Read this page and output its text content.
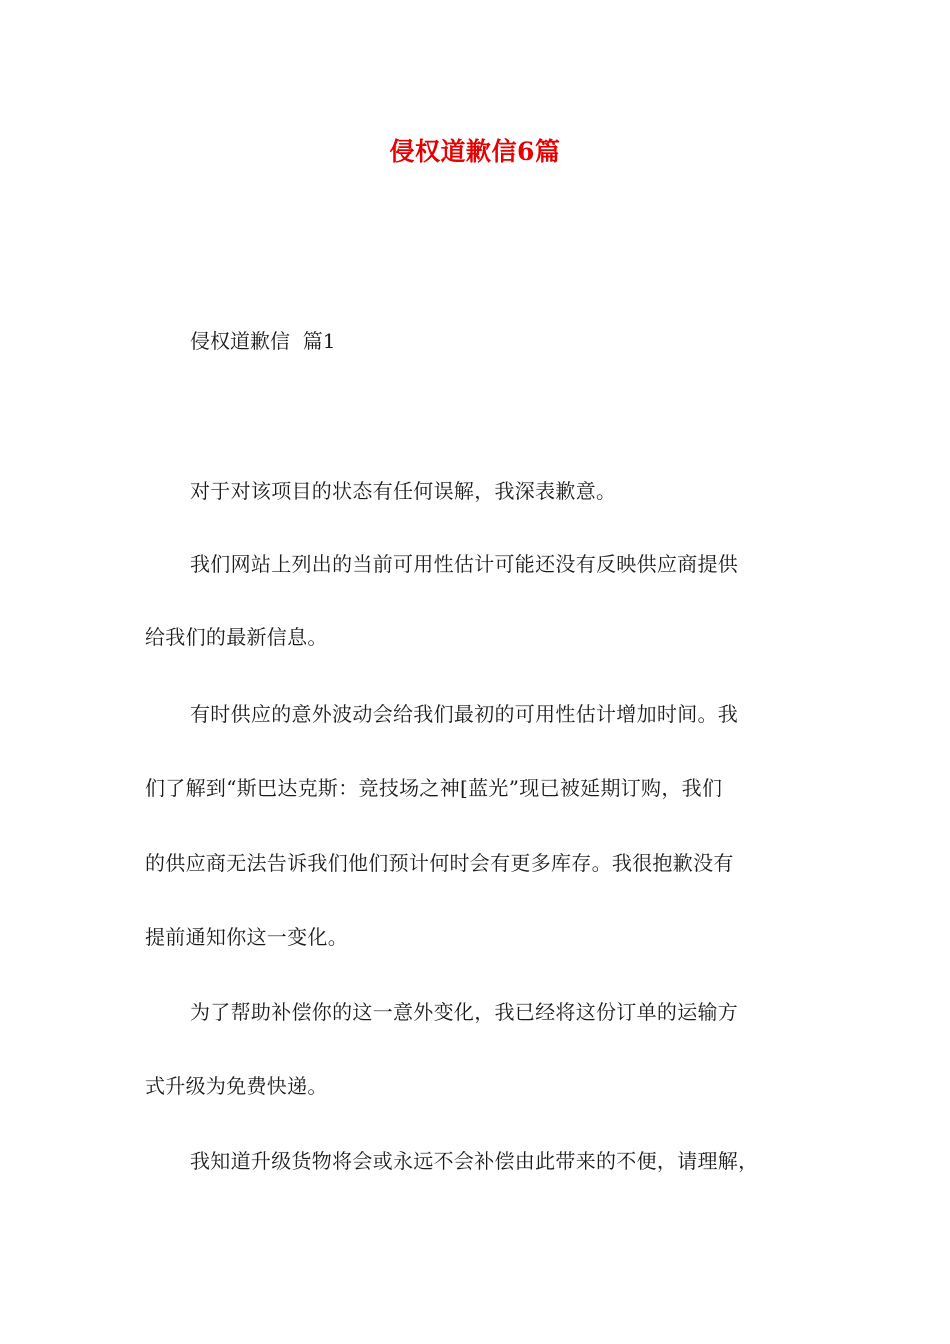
侵权道歉信6篇
侵权道歉信  篇1
对于对该项目的状态有任何误解，我深表歉意。
我们网站上列出的当前可用性估计可能还没有反映供应商提供
给我们的最新信息。
有时供应的意外波动会给我们最初的可用性估计增加时间。我
们了解到“斯巴达克斯：竞技场之神[蓝光”现已被延期订购，我们
的供应商无法告诉我们他们预计何时会有更多库存。我很抱歉没有
提前通知你这一变化。
为了帮助补偿你的这一意外变化，我已经将这份订单的运输方
式升级为免费快递。
我知道升级货物将会或永远不会补偿由此带来的不便，请理解，
